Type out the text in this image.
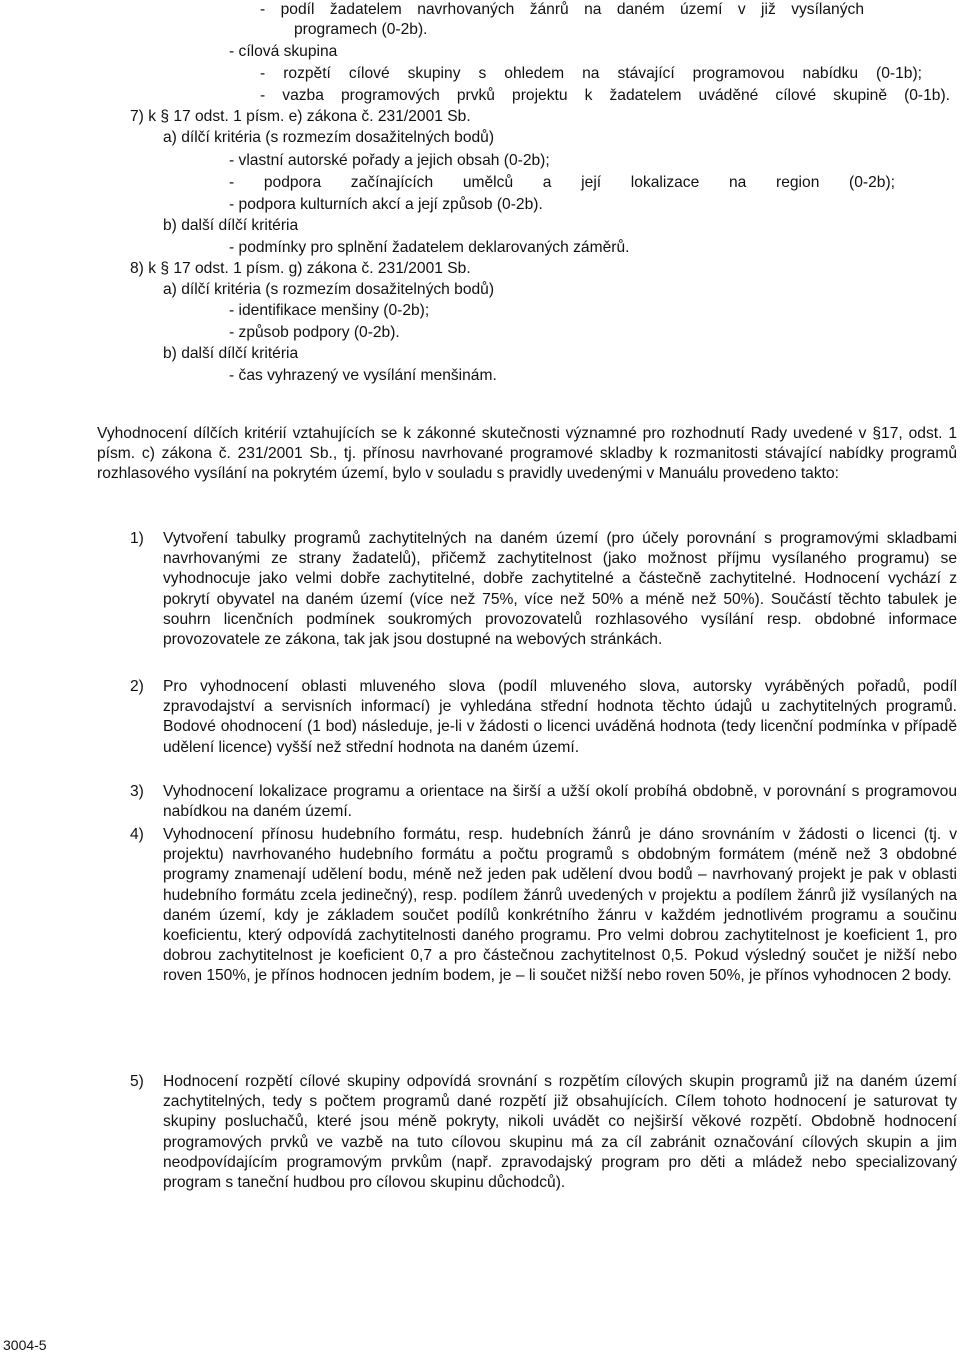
- podíl žadatelem navrhovaných žánrů na daném území v již vysílaných
programech (0-2b).
- cílová skupina
- rozpětí cílové skupiny s ohledem na stávající programovou nabídku (0-1b);
- vazba programových prvků projektu k žadatelem uváděné cílové skupině (0-1b).
7) k § 17 odst. 1 písm. e) zákona č. 231/2001 Sb.
a) dílčí kritéria (s rozmezím dosažitelných bodů)
- vlastní autorské pořady a jejich obsah (0-2b);
- podpora začínajících umělců a její lokalizace na region (0-2b);
- podpora kulturních akcí a její způsob (0-2b).
b) další dílčí kritéria
- podmínky pro splnění žadatelem deklarovaných záměrů.
8) k § 17 odst. 1 písm. g) zákona č. 231/2001 Sb.
a) dílčí kritéria (s rozmezím dosažitelných bodů)
- identifikace menšiny (0-2b);
- způsob podpory (0-2b).
b) další dílčí kritéria
- čas vyhrazený ve vysílání menšinám.
Vyhodnocení dílčích kritérií vztahujících se k zákonné skutečnosti významné pro rozhodnutí Rady uvedené v §17, odst. 1 písm. c) zákona č. 231/2001 Sb., tj. přínosu navrhované programové skladby k rozmanitosti stávající nabídky programů rozhlasového vysílání na pokrytém území, bylo v souladu s pravidly uvedenými v Manuálu provedeno takto:
1) Vytvoření tabulky programů zachytitelných na daném území (pro účely porovnání s programovými skladbami navrhovanými ze strany žadatelů), přičemž zachytitelnost (jako možnost příjmu vysílaného programu) se vyhodnocuje jako velmi dobře zachytitelné, dobře zachytitelné a částečně zachytitelné. Hodnocení vychází z pokrytí obyvatel na daném území (více než 75%, více než 50% a méně než 50%). Součástí těchto tabulek je souhrn licenčních podmínek soukromých provozovatelů rozhlasového vysílání resp. obdobné informace provozovatele ze zákona, tak jak jsou dostupné na webových stránkách.
2) Pro vyhodnocení oblasti mluveného slova (podíl mluveného slova, autorsky vyráběných pořadů, podíl zpravodajství a servisních informací) je vyhledána střední hodnota těchto údajů u zachytitelných programů. Bodové ohodnocení (1 bod) následuje, je-li v žádosti o licenci uváděná hodnota (tedy licenční podmínka v případě udělení licence) vyšší než střední hodnota na daném území.
3) Vyhodnocení lokalizace programu a orientace na širší a užší okolí probíhá obdobně, v porovnání s programovou nabídkou na daném území.
4) Vyhodnocení přínosu hudebního formátu, resp. hudebních žánrů je dáno srovnáním v žádosti o licenci (tj. v projektu) navrhovaného hudebního formátu a počtu programů s obdobným formátem (méně než 3 obdobné programy znamenají udělení bodu, méně než jeden pak udělení dvou bodů – navrhovaný projekt je pak v oblasti hudebního formátu zcela jedinečný), resp. podílem žánrů uvedených v projektu a podílem žánrů již vysílaných na daném území, kdy je základem součet podílů konkrétního žánru v každém jednotlivém programu a součinu koeficientu, který odpovídá zachytitelnosti daného programu. Pro velmi dobrou zachytitelnost je koeficient 1, pro dobrou zachytitelnost je koeficient 0,7 a pro částečnou zachytitelnost 0,5. Pokud výsledný součet je nižší nebo roven 150%, je přínos hodnocen jedním bodem, je – li součet nižší nebo roven 50%, je přínos vyhodnocen 2 body.
5) Hodnocení rozpětí cílové skupiny odpovídá srovnání s rozpětím cílových skupin programů již na daném území zachytitelných, tedy s počtem programů dané rozpětí již obsahujících. Cílem tohoto hodnocení je saturovat ty skupiny posluchačů, které jsou méně pokryty, nikoli uvádět co nejširší věkové rozpětí. Obdobně hodnocení programových prvků ve vazbě na tuto cílovou skupinu má za cíl zabránit označování cílových skupin a jim neodpovídajícím programovým prvkům (např. zpravodajský program pro děti a mládež nebo specializovaný program s taneční hudbou pro cílovou skupinu důchodců).
3004-5
